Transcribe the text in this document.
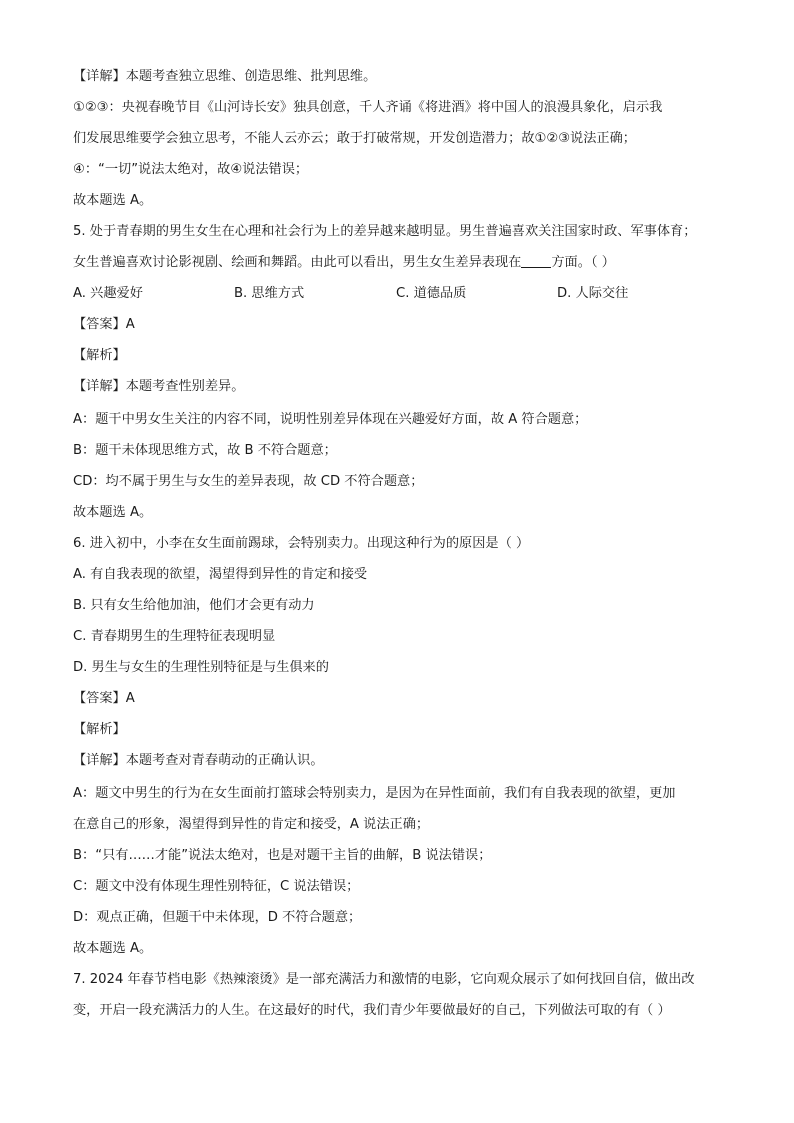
【详解】本题考查独立思维、创造思维、批判思维。
①②③：央视春晚节目《山河诗长安》独具创意，千人齐诵《将进酒》将中国人的浪漫具象化，启示我
们发展思维要学会独立思考，不能人云亦云；敢于打破常规，开发创造潜力；故①②③说法正确；
④：“一切”说法太绝对，故④说法错误；
故本题选 A。
5. 处于青春期的男生女生在心理和社会行为上的差异越来越明显。男生普遍喜欢关注国家时政、军事体育；
女生普遍喜欢讨论影视剧、绘画和舞蹈。由此可以看出，男生女生差异表现在 方面。（ ）
A. 兴趣爱好	B. 思维方式	C. 道德品质	D. 人际交往
【答案】A
【解析】
【详解】本题考查性别差异。
A：题干中男女生关注的内容不同，说明性别差异体现在兴趣爱好方面，故 A 符合题意；
B：题干未体现思维方式，故 B 不符合题意；
CD：均不属于男生与女生的差异表现，故 CD 不符合题意；
故本题选 A。
6. 进入初中，小李在女生面前踢球，会特别卖力。出现这种行为的原因是（ ）
A. 有自我表现的欲望，渴望得到异性的肯定和接受
B. 只有女生给他加油，他们才会更有动力
C. 青春期男生的生理特征表现明显
D. 男生与女生的生理性别特征是与生俱来的
【答案】A
【解析】
【详解】本题考查对青春萌动的正确认识。
A：题文中男生的行为在女生面前打篮球会特别卖力，是因为在异性面前，我们有自我表现的欲望，更加
在意自己的形象，渴望得到异性的肯定和接受，A 说法正确；
B：“只有……才能”说法太绝对，也是对题干主旨的曲解，B 说法错误；
C：题文中没有体现生理性别特征，C 说法错误；
D：观点正确，但题干中未体现，D 不符合题意；
故本题选 A。
7. 2024 年春节档电影《热辣滚烫》是一部充满活力和激情的电影，它向观众展示了如何找回自信，做出改
变，开启一段充满活力的人生。在这最好的时代，我们青少年要做最好的自己，下列做法可取的有（ ）
